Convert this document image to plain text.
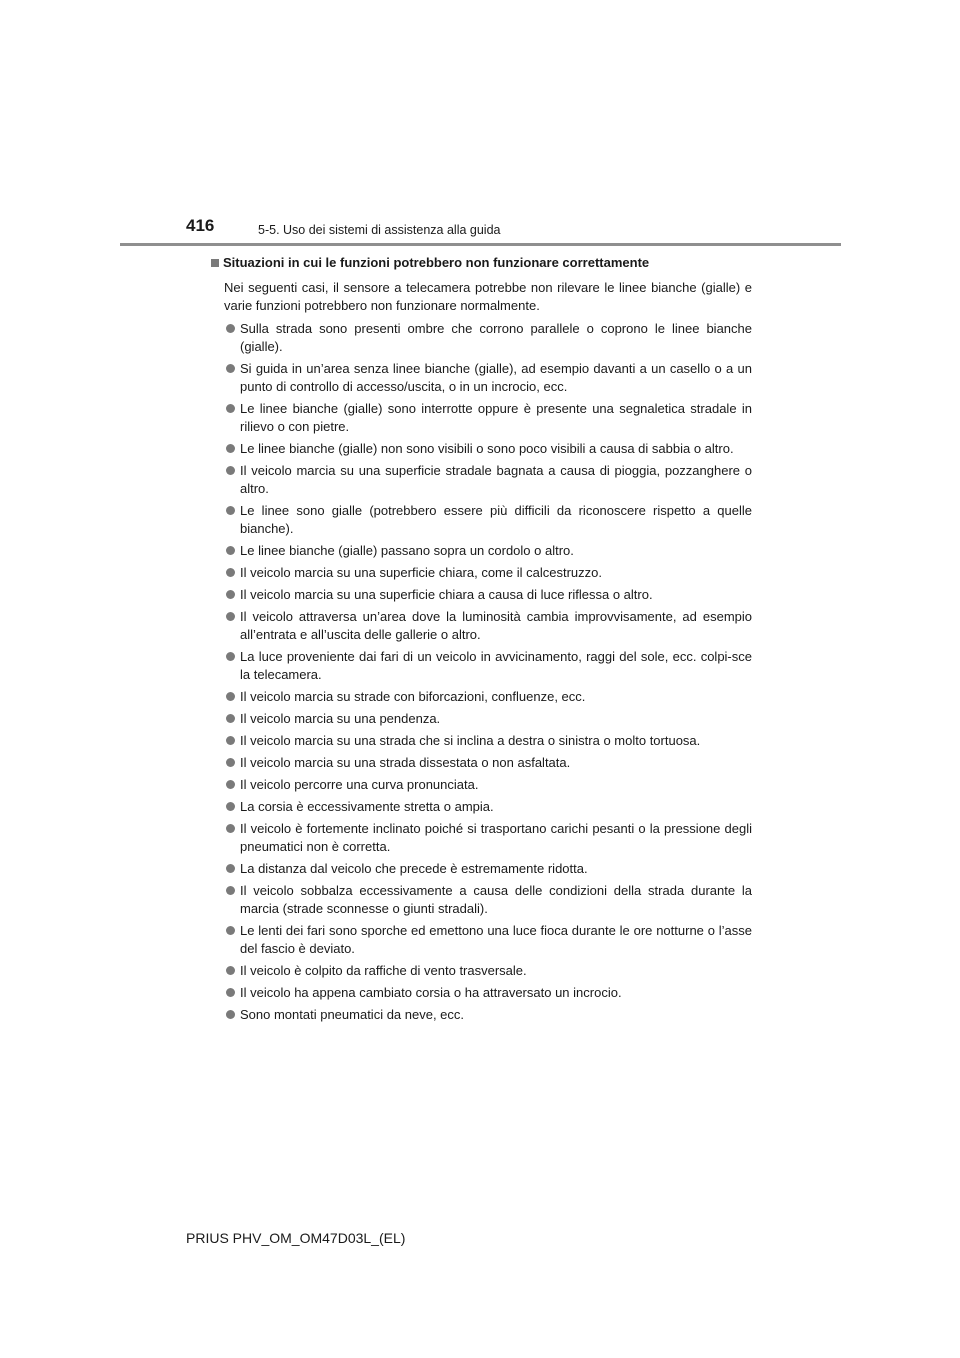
416	5-5. Uso dei sistemi di assistenza alla guida
Situazioni in cui le funzioni potrebbero non funzionare correttamente

Nei seguenti casi, il sensore a telecamera potrebbe non rilevare le linee bianche (gialle) e varie funzioni potrebbero non funzionare normalmente.

Sulla strada sono presenti ombre che corrono parallele o coprono le linee bianche (gialle).
Si guida in un’area senza linee bianche (gialle), ad esempio davanti a un casello o a un punto di controllo di accesso/uscita, o in un incrocio, ecc.
Le linee bianche (gialle) sono interrotte oppure è presente una segnaletica stradale in rilievo o con pietre.
Le linee bianche (gialle) non sono visibili o sono poco visibili a causa di sabbia o altro.
Il veicolo marcia su una superficie stradale bagnata a causa di pioggia, pozzanghere o altro.
Le linee sono gialle (potrebbero essere più difficili da riconoscere rispetto a quelle bianche).
Le linee bianche (gialle) passano sopra un cordolo o altro.
Il veicolo marcia su una superficie chiara, come il calcestruzzo.
Il veicolo marcia su una superficie chiara a causa di luce riflessa o altro.
Il veicolo attraversa un’area dove la luminosità cambia improvvisamente, ad esempio all’entrata e all’uscita delle gallerie o altro.
La luce proveniente dai fari di un veicolo in avvicinamento, raggi del sole, ecc. colpi-sce la telecamera.
Il veicolo marcia su strade con biforcazioni, confluenze, ecc.
Il veicolo marcia su una pendenza.
Il veicolo marcia su una strada che si inclina a destra o sinistra o molto tortuosa.
Il veicolo marcia su una strada dissestata o non asfaltata.
Il veicolo percorre una curva pronunciata.
La corsia è eccessivamente stretta o ampia.
Il veicolo è fortemente inclinato poiché si trasportano carichi pesanti o la pressione degli pneumatici non è corretta.
La distanza dal veicolo che precede è estremamente ridotta.
Il veicolo sobbalza eccessivamente a causa delle condizioni della strada durante la marcia (strade sconnesse o giunti stradali).
Le lenti dei fari sono sporche ed emettono una luce fioca durante le ore notturne o l’asse del fascio è deviato.
Il veicolo è colpito da raffiche di vento trasversale.
Il veicolo ha appena cambiato corsia o ha attraversato un incrocio.
Sono montati pneumatici da neve, ecc.
PRIUS PHV_OM_OM47D03L_(EL)
